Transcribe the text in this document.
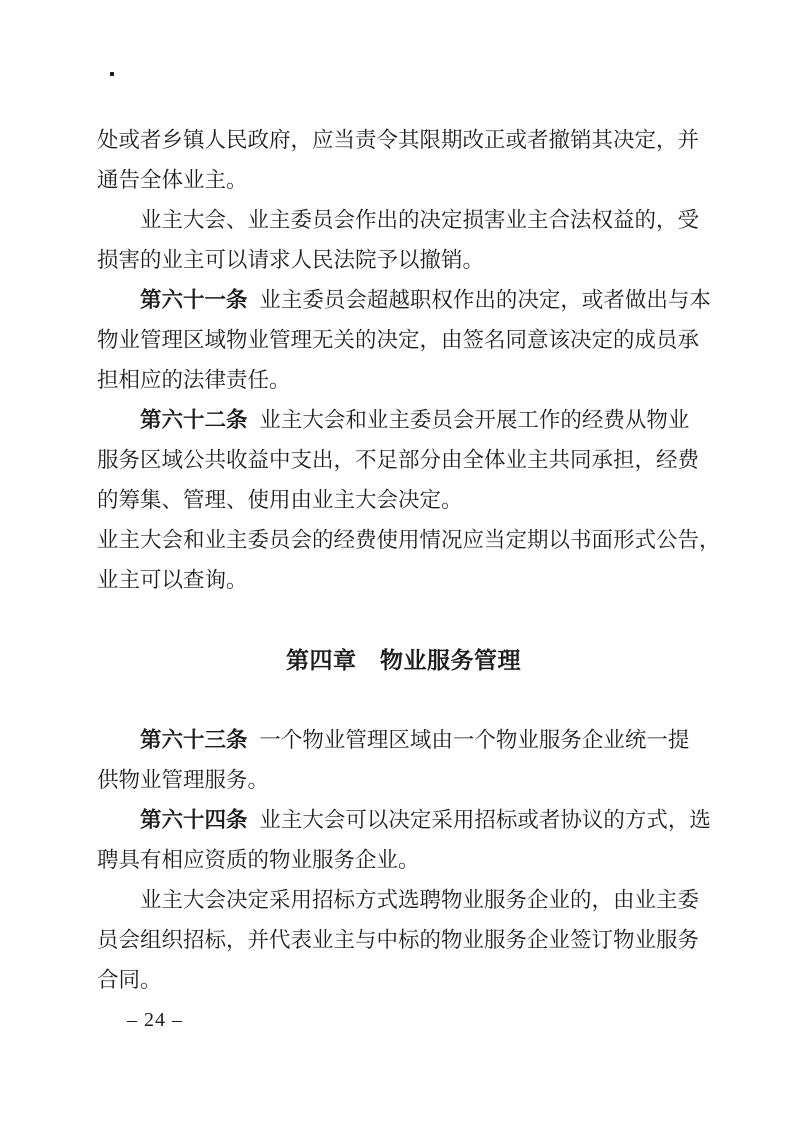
处或者乡镇人民政府，应当责令其限期改正或者撤销其决定，并
通告全体业主。
业主大会、业主委员会作出的决定损害业主合法权益的，受
损害的业主可以请求人民法院予以撤销。
第六十一条 业主委员会超越职权作出的决定，或者做出与本
物业管理区域物业管理无关的决定，由签名同意该决定的成员承
担相应的法律责任。
第六十二条 业主大会和业主委员会开展工作的经费从物业
服务区域公共收益中支出，不足部分由全体业主共同承担，经费
的筹集、管理、使用由业主大会决定。
业主大会和业主委员会的经费使用情况应当定期以书面形式公告，
业主可以查询。
第四章　物业服务管理
第六十三条 一个物业管理区域由一个物业服务企业统一提
供物业管理服务。
第六十四条 业主大会可以决定采用招标或者协议的方式，选
聘具有相应资质的物业服务企业。
业主大会决定采用招标方式选聘物业服务企业的，由业主委
员会组织招标，并代表业主与中标的物业服务企业签订物业服务
合同。
– 24 –
